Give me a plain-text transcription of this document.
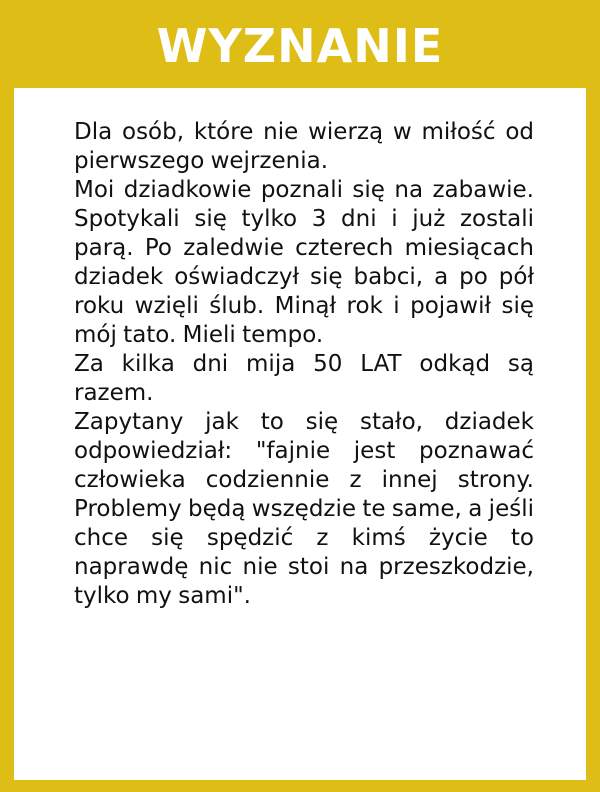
WYZNANIE

Dla osób, które nie wierzą w miłość od pierwszego wejrzenia.

Moi dziadkowie poznali się na zabawie. Spotykali się tylko 3 dni i już zostali parą. Po zaledwie czterech miesiącach dziadek oświadczył się babci, a po pół roku wzięli ślub. Minął rok i pojawił się mój tato. Mieli tempo.

Za kilka dni mija 50 LAT odkąd są razem.

Zapytany jak to się stało, dziadek odpowiedział: "fajnie jest poznawać człowieka codziennie z innej strony. Problemy będą wszędzie te same, a jeśli chce się spędzić z kimś życie to naprawdę nic nie stoi na przeszkodzie, tylko my sami".
